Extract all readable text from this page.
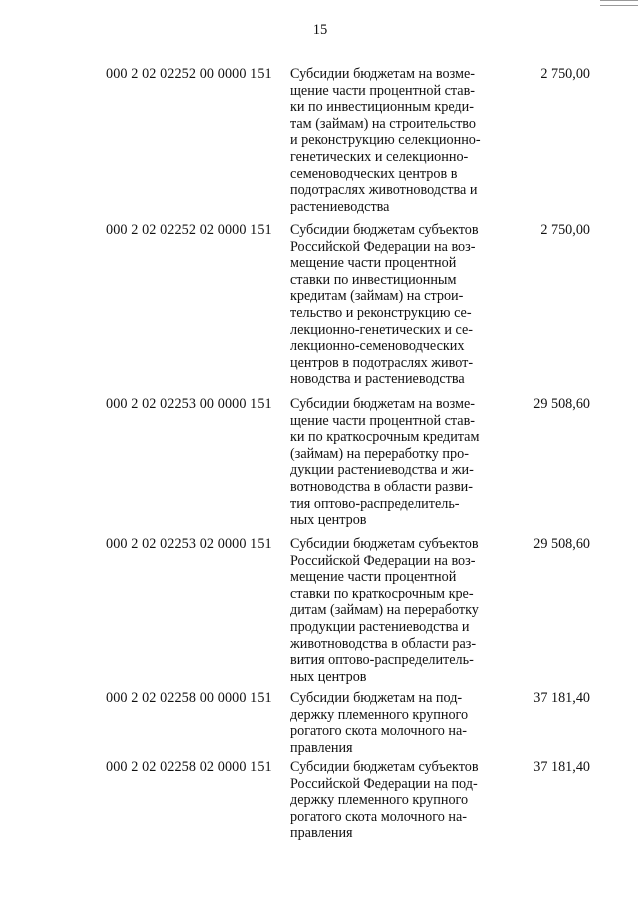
15
000 2 02 02252 00 0000 151 Субсидии бюджетам на возме-
щение части процентной став-
ки по инвестиционным креди-
там (займам) на строительство
и реконструкцию селекционно-
генетических и селекционно-
семеноводческих центров в
подотраслях животноводства и
растениеводства
2 750,00
000 2 02 02252 02 0000 151 Субсидии бюджетам субъектов
Российской Федерации на воз-
мещение части процентной
ставки по инвестиционным
кредитам (займам) на строи-
тельство и реконструкцию се-
лекционно-генетических и се-
лекционно-семеноводческих
центров в подотраслях живот-
новодства и растениеводства
2 750,00
000 2 02 02253 00 0000 151 Субсидии бюджетам на возме-
щение части процентной став-
ки по краткосрочным кредитам
(займам) на переработку про-
дукции растениеводства и жи-
вотноводства в области разви-
тия оптово-распределитель-
ных центров
29 508,60
000 2 02 02253 02 0000 151 Субсидии бюджетам субъектов
Российской Федерации на воз-
мещение части процентной
ставки по краткосрочным кре-
дитам (займам) на переработку
продукции растениеводства и
животноводства в области раз-
вития оптово-распределитель-
ных центров
29 508,60
000 2 02 02258 00 0000 151 Субсидии бюджетам на под-
держку племенного крупного
рогатого скота молочного на-
правления
37 181,40
000 2 02 02258 02 0000 151 Субсидии бюджетам субъектов
Российской Федерации на под-
держку племенного крупного
рогатого скота молочного на-
правления
37 181,40
